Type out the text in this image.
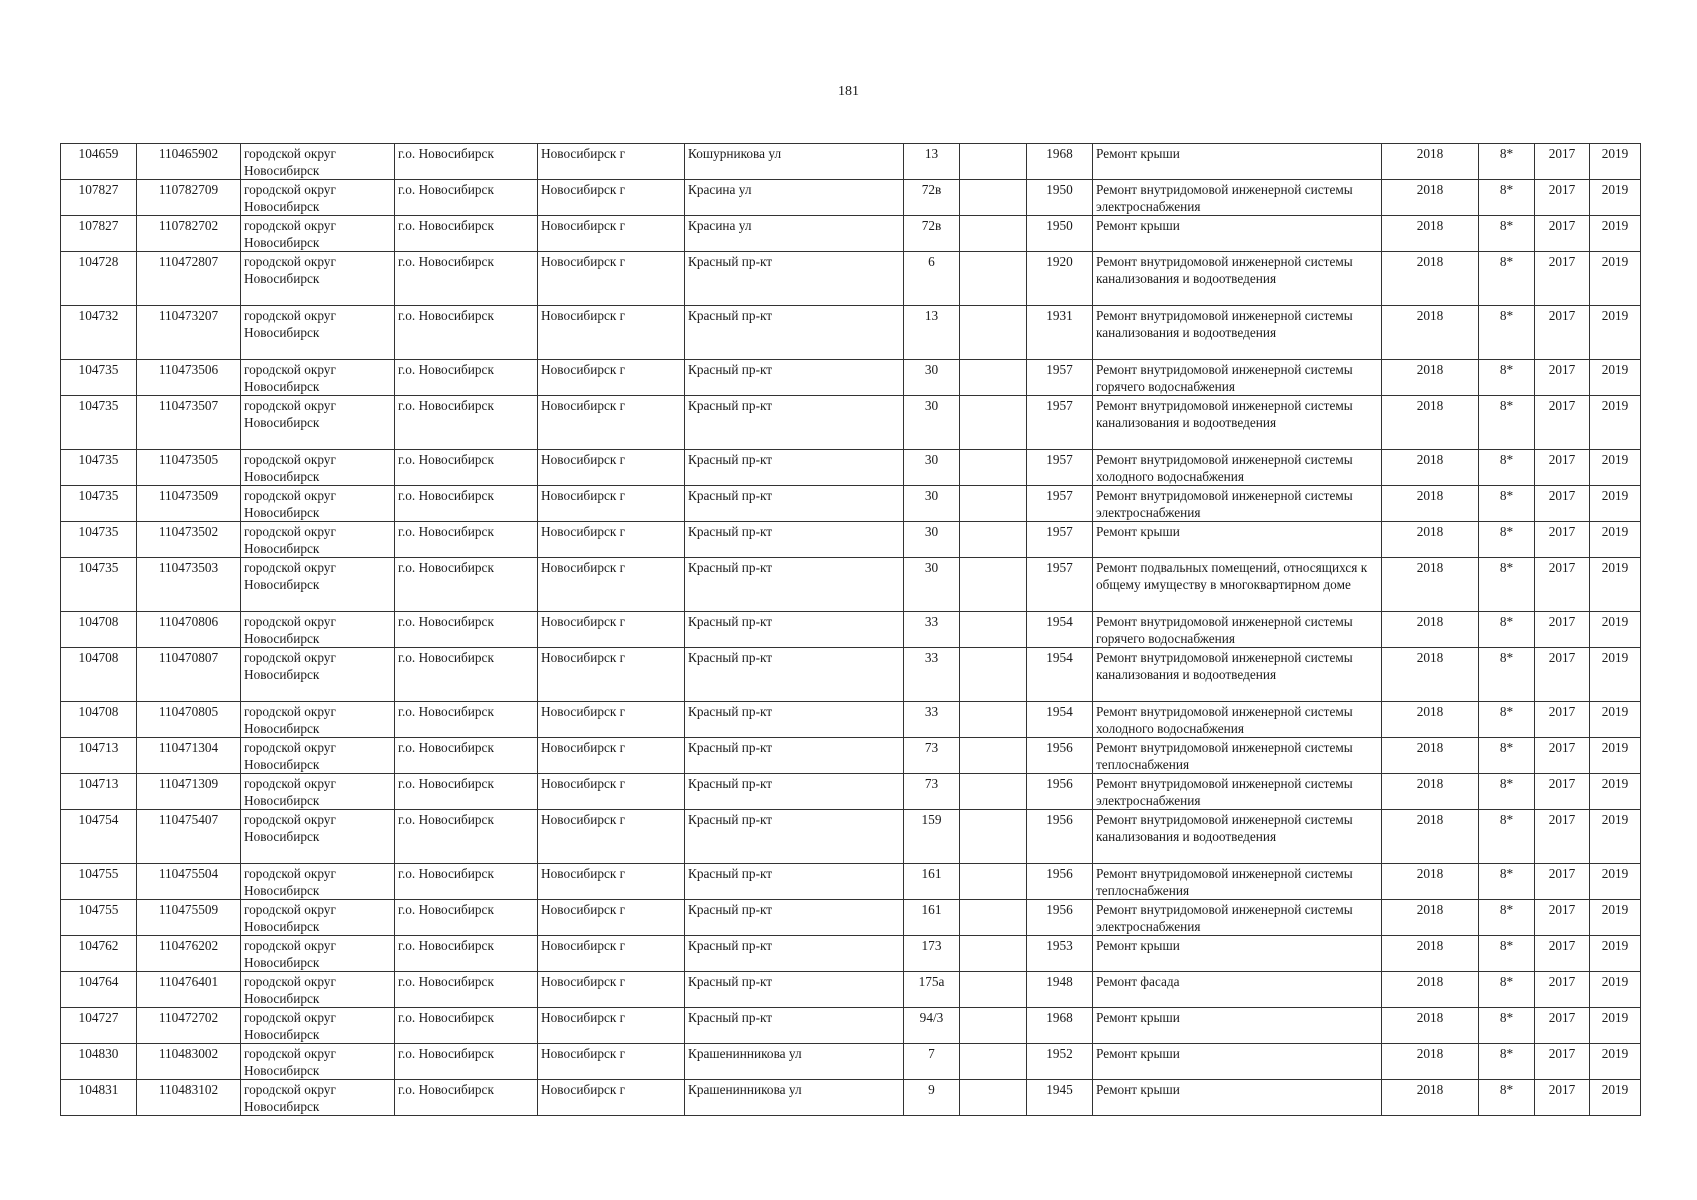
181
104659	110465902	городской округ Новосибирск	г.о. Новосибирск	Новосибирск г	Кошурникова ул	13		1968	Ремонт крыши	2018	8*	2017	2019
107827	110782709	городской округ Новосибирск	г.о. Новосибирск	Новосибирск г	Красина ул	72в		1950	Ремонт внутридомовой инженерной системы электроснабжения	2018	8*	2017	2019
107827	110782702	городской округ Новосибирск	г.о. Новосибирск	Новосибирск г	Красина ул	72в		1950	Ремонт крыши	2018	8*	2017	2019
104728	110472807	городской округ Новосибирск	г.о. Новосибирск	Новосибирск г	Красный пр-кт	6		1920	Ремонт внутридомовой инженерной системы канализования и водоотведения	2018	8*	2017	2019
104732	110473207	городской округ Новосибирск	г.о. Новосибирск	Новосибирск г	Красный пр-кт	13		1931	Ремонт внутридомовой инженерной системы канализования и водоотведения	2018	8*	2017	2019
104735	110473506	городской округ Новосибирск	г.о. Новосибирск	Новосибирск г	Красный пр-кт	30		1957	Ремонт внутридомовой инженерной системы горячего водоснабжения	2018	8*	2017	2019
104735	110473507	городской округ Новосибирск	г.о. Новосибирск	Новосибирск г	Красный пр-кт	30		1957	Ремонт внутридомовой инженерной системы канализования и водоотведения	2018	8*	2017	2019
104735	110473505	городской округ Новосибирск	г.о. Новосибирск	Новосибирск г	Красный пр-кт	30		1957	Ремонт внутридомовой инженерной системы холодного водоснабжения	2018	8*	2017	2019
104735	110473509	городской округ Новосибирск	г.о. Новосибирск	Новосибирск г	Красный пр-кт	30		1957	Ремонт внутридомовой инженерной системы электроснабжения	2018	8*	2017	2019
104735	110473502	городской округ Новосибирск	г.о. Новосибирск	Новосибирск г	Красный пр-кт	30		1957	Ремонт крыши	2018	8*	2017	2019
104735	110473503	городской округ Новосибирск	г.о. Новосибирск	Новосибирск г	Красный пр-кт	30		1957	Ремонт подвальных помещений, относящихся к общему имуществу в многоквартирном доме	2018	8*	2017	2019
104708	110470806	городской округ Новосибирск	г.о. Новосибирск	Новосибирск г	Красный пр-кт	33		1954	Ремонт внутридомовой инженерной системы горячего водоснабжения	2018	8*	2017	2019
104708	110470807	городской округ Новосибирск	г.о. Новосибирск	Новосибирск г	Красный пр-кт	33		1954	Ремонт внутридомовой инженерной системы канализования и водоотведения	2018	8*	2017	2019
104708	110470805	городской округ Новосибирск	г.о. Новосибирск	Новосибирск г	Красный пр-кт	33		1954	Ремонт внутридомовой инженерной системы холодного водоснабжения	2018	8*	2017	2019
104713	110471304	городской округ Новосибирск	г.о. Новосибирск	Новосибирск г	Красный пр-кт	73		1956	Ремонт внутридомовой инженерной системы теплоснабжения	2018	8*	2017	2019
104713	110471309	городской округ Новосибирск	г.о. Новосибирск	Новосибирск г	Красный пр-кт	73		1956	Ремонт внутридомовой инженерной системы электроснабжения	2018	8*	2017	2019
104754	110475407	городской округ Новосибирск	г.о. Новосибирск	Новосибирск г	Красный пр-кт	159		1956	Ремонт внутридомовой инженерной системы канализования и водоотведения	2018	8*	2017	2019
104755	110475504	городской округ Новосибирск	г.о. Новосибирск	Новосибирск г	Красный пр-кт	161		1956	Ремонт внутридомовой инженерной системы теплоснабжения	2018	8*	2017	2019
104755	110475509	городской округ Новосибирск	г.о. Новосибирск	Новосибирск г	Красный пр-кт	161		1956	Ремонт внутридомовой инженерной системы электроснабжения	2018	8*	2017	2019
104762	110476202	городской округ Новосибирск	г.о. Новосибирск	Новосибирск г	Красный пр-кт	173		1953	Ремонт крыши	2018	8*	2017	2019
104764	110476401	городской округ Новосибирск	г.о. Новосибирск	Новосибирск г	Красный пр-кт	175а		1948	Ремонт фасада	2018	8*	2017	2019
104727	110472702	городской округ Новосибирск	г.о. Новосибирск	Новосибирск г	Красный пр-кт	94/3		1968	Ремонт крыши	2018	8*	2017	2019
104830	110483002	городской округ Новосибирск	г.о. Новосибирск	Новосибирск г	Крашенинникова ул	7		1952	Ремонт крыши	2018	8*	2017	2019
104831	110483102	городской округ Новосибирск	г.о. Новосибирск	Новосибирск г	Крашенинникова ул	9		1945	Ремонт крыши	2018	8*	2017	2019
